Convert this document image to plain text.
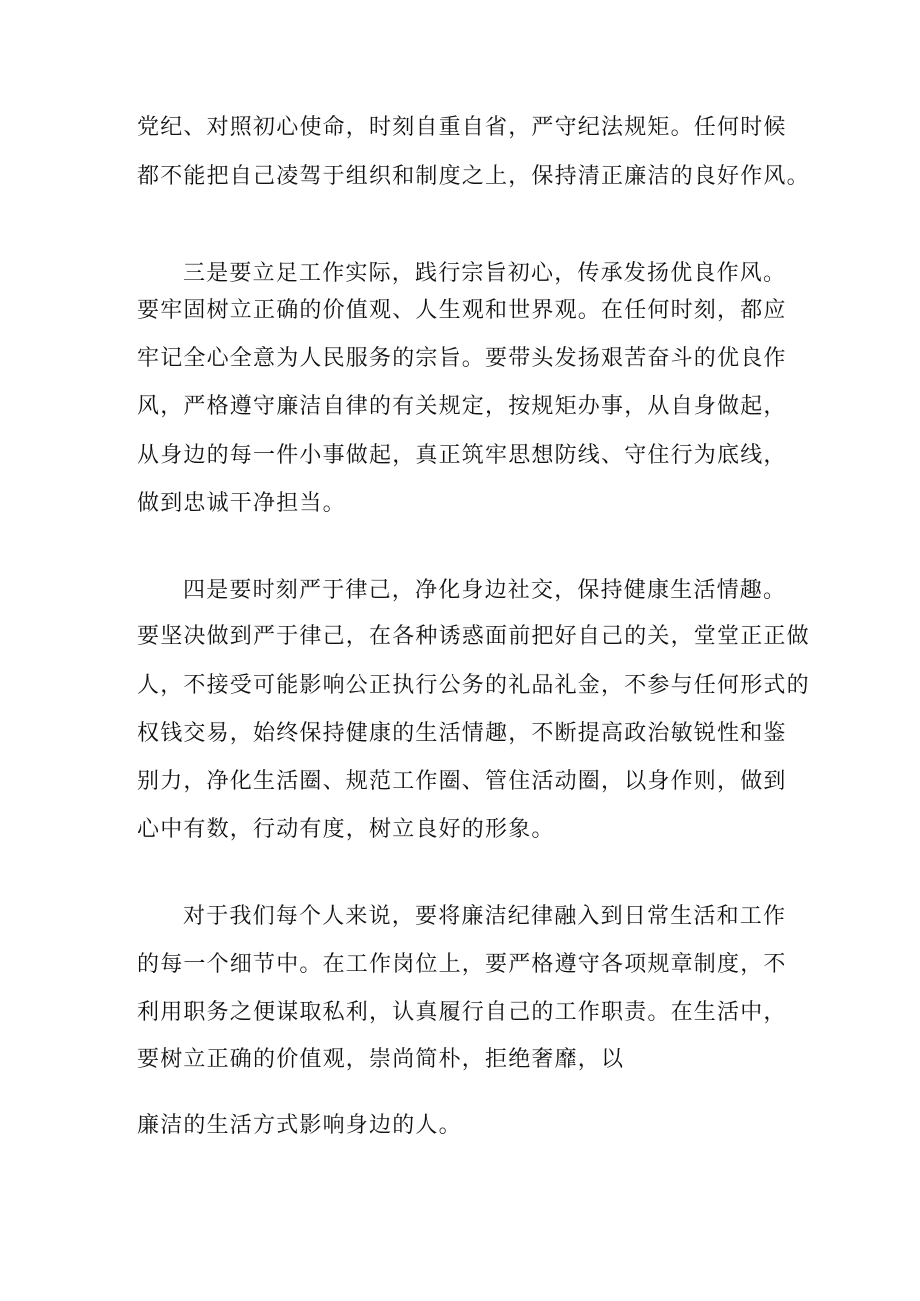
党纪、对照初心使命，时刻自重自省，严守纪法规矩。任何时候
都不能把自己凌驾于组织和制度之上，保持清正廉洁的良好作风。
三是要立足工作实际，践行宗旨初心，传承发扬优良作风。
要牢固树立正确的价值观、人生观和世界观。在任何时刻，都应
牢记全心全意为人民服务的宗旨。要带头发扬艰苦奋斗的优良作
风，严格遵守廉洁自律的有关规定，按规矩办事，从自身做起，
从身边的每一件小事做起，真正筑牢思想防线、守住行为底线，
做到忠诚干净担当。
四是要时刻严于律己，净化身边社交，保持健康生活情趣。
要坚决做到严于律己，在各种诱惑面前把好自己的关，堂堂正正做
人，不接受可能影响公正执行公务的礼品礼金，不参与任何形式的
权钱交易，始终保持健康的生活情趣，不断提高政治敏锐性和鉴
别力，净化生活圈、规范工作圈、管住活动圈，以身作则，做到
心中有数，行动有度，树立良好的形象。
对于我们每个人来说，要将廉洁纪律融入到日常生活和工作
的每一个细节中。在工作岗位上，要严格遵守各项规章制度，不
利用职务之便谋取私利，认真履行自己的工作职责。在生活中，
要树立正确的价值观，崇尚简朴，拒绝奢靡，以
廉洁的生活方式影响身边的人。
